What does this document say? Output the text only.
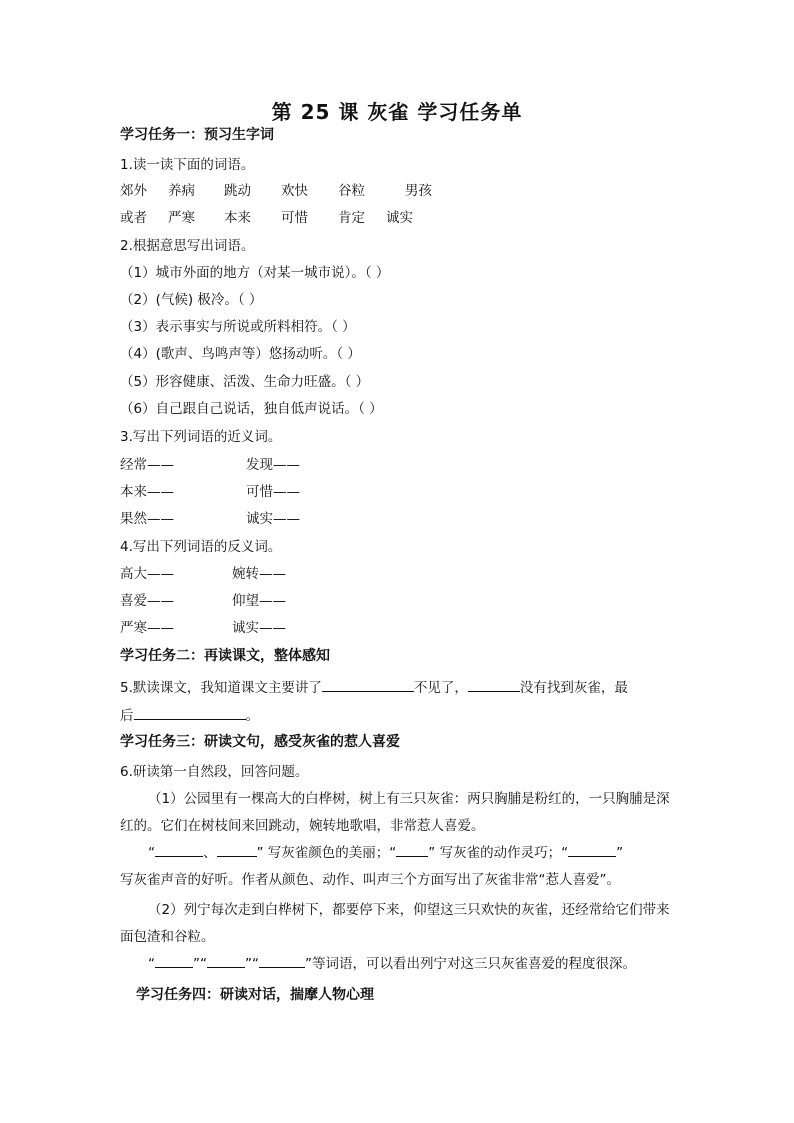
第 25 课 灰雀 学习任务单
学习任务一：预习生字词
1.读一读下面的词语。
郊外 养病 跳动 欢快 谷粒	男孩
或者 严寒 本来 可惜 肯定 诚实
2.根据意思写出词语。
（1）城市外面的地方（对某一城市说）。（ ）
（2）(气候) 极冷。（ ）
（3）表示事实与所说或所料相符。（ ）
（4）(歌声、鸟鸣声等）悠扬动听。（ ）
（5）形容健康、活泼、生命力旺盛。（ ）
（6）自己跟自己说话，独自低声说话。（ ）
3.写出下列词语的近义词。
经常——	发现——
本来——	可惜——
果然——	诚实——
4.写出下列词语的反义词。
高大——	婉转——
喜爱——	仰望——
严寒——	诚实——
学习任务二：再读课文，整体感知
5.默读课文，我知道课文主要讲了	不见了，	没有找到灰雀，最
后	。
学习任务三：研读文句，感受灰雀的惹人喜爱
6.研读第一自然段，回答问题。
（1）公园里有一棵高大的白桦树，树上有三只灰雀：两只胸脯是粉红的，一只胸脯是深红的。它们在树枝间来回跳动，婉转地歌唱，非常惹人喜爱。
“	、	” 写灰雀颜色的美丽；“ ” 写灰雀的动作灵巧；“	”
写灰雀声音的好听。作者从颜色、动作、叫声三个方面写出了灰雀非常“惹人喜爱”。
（2）列宁每次走到白桦树下，都要停下来，仰望这三只欢快的灰雀，还经常给它们带来面包渣和谷粒。
“	”“	”“	”等词语，可以看出列宁对这三只灰雀喜爱的程度很深。
学习任务四：研读对话，揣摩人物心理
